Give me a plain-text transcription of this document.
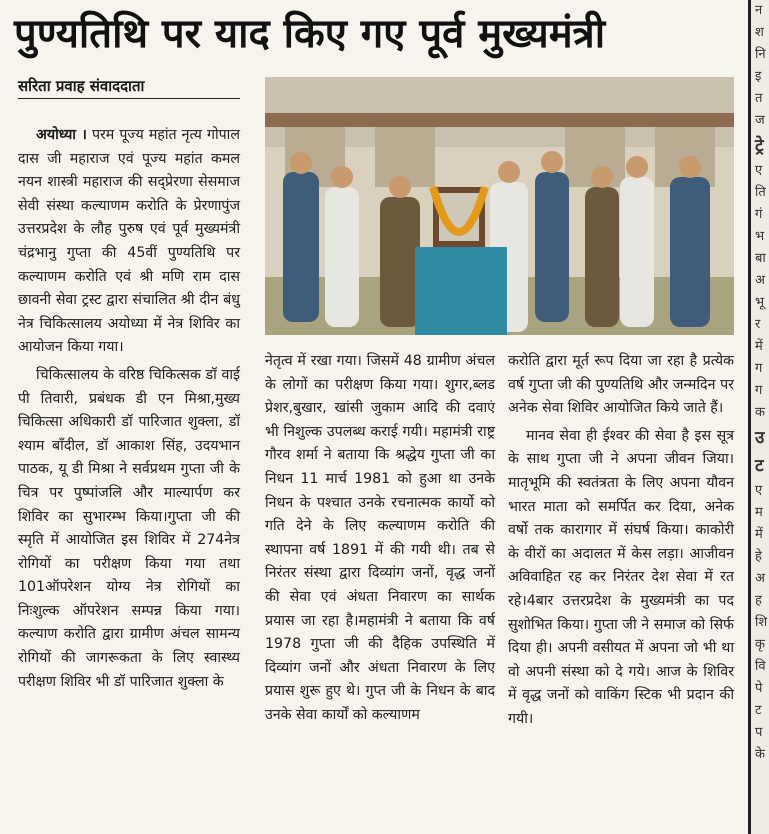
पुण्यतिथि पर याद किए गए पूर्व मुख्यमंत्री
सरिता प्रवाह संवाददाता

अयोध्या । परम पूज्य महांत नृत्य गोपाल दास जी महाराज एवं पूज्य महांत कमल नयन शास्त्री महाराज की सद्प्रेरणा सेसमाज सेवी संस्था कल्याणम करोति के प्रेरणापुंज उत्तरप्रदेश के लौह पुरुष एवं पूर्व मुख्यमंत्री चंद्रभानु गुप्ता की 45वीं पुण्यतिथि पर कल्याणम करोति एवं श्री मणि राम दास छावनी सेवा ट्रस्ट द्वारा संचालित श्री दीन बंधु नेत्र चिकित्सालय अयोध्या में नेत्र शिविर का आयोजन किया गया।

चिकित्सालय के वरिष्ठ चिकित्सक डॉ वाई पी तिवारी, प्रबंधक डी एन मिश्रा,मुख्य चिकित्सा अधिकारी डॉ पारिजात शुक्ला, डॉ श्याम बाँदील, डॉ आकाश सिंह, उदयभान पाठक, यू डी मिश्रा ने सर्वप्रथम गुप्ता जी के चित्र पर पुष्पांजलि और माल्यार्पण कर शिविर का सुभारम्भ किया।गुप्ता जी की स्मृति में आयोजित इस शिविर में 274नेत्र रोगियों का परीक्षण किया गया तथा 101ऑपरेशन योग्य नेत्र रोगियों का निःशुल्क ऑपरेशन सम्पन्न किया गया। कल्याण करोति द्वारा ग्रामीण अंचल सामन्य रोगियों की जागरूकता के लिए स्वास्थ्य परीक्षण शिविर भी डॉ पारिजात शुक्ला के

नेतृत्व में रखा गया। जिसमें 48 ग्रामीण अंचल के लोगों का परीक्षण किया गया। शुगर,ब्लड प्रेशर,बुखार, खांसी जुकाम आदि की दवाएं भी निशुल्क उपलब्ध कराई गयी। महामंत्री राष्ट्र गौरव शर्मा ने बताया कि श्रद्धेय गुप्ता जी का निधन 11 मार्च 1981 को हुआ था उनके निधन के पश्चात उनके रचनात्मक कार्यो को गति देने के लिए कल्याणम करोति की स्थापना वर्ष 1891 में की गयी थी। तब से निरंतर संस्था द्वारा दिव्यांग जनों, वृद्ध जनों की सेवा एवं अंधता निवारण का सार्थक प्रयास जा रहा है।महामंत्री ने बताया कि वर्ष 1978 गुप्ता जी की दैहिक उपस्थिति में दिव्यांग जनों और अंधता निवारण के लिए प्रयास शुरू हुए थे। गुप्त जी के निधन के बाद उनके सेवा कार्यों को कल्याणम

करोति द्वारा मूर्त रूप दिया जा रहा है प्रत्येक वर्ष गुप्ता जी की पुण्यतिथि और जन्मदिन पर अनेक सेवा शिविर आयोजित किये जाते हैं।

मानव सेवा ही ईश्वर की सेवा है इस सूत्र के साथ गुप्ता जी ने अपना जीवन जिया। मातृभूमि की स्वतंत्रता के लिए अपना यौवन भारत माता को समर्पित कर दिया, अनेक वर्षो तक कारागार में संघर्ष किया। काकोरी के वीरों का अदालत में केस लड़ा। आजीवन अविवाहित रह कर निरंतर देश सेवा में रत रहे।4बार उत्तरप्रदेश के मुख्यमंत्री का पद सुशोभित किया। गुप्ता जी ने समाज को सिर्फ दिया ही। अपनी वसीयत में अपना जो भी था वो अपनी संस्था को दे गये। आज के शिविर में वृद्ध जनों को वाकिंग स्टिक भी प्रदान की गयी।

न
श
नि
इ
त
ज
ट्रे
ए
ति
गं
भ
बा
अ
भू
र
में
ग
ग
क
उ
ट
ए
म
में
हे
अ
ह
शि
कृ
वि
पे
ट
प
के
